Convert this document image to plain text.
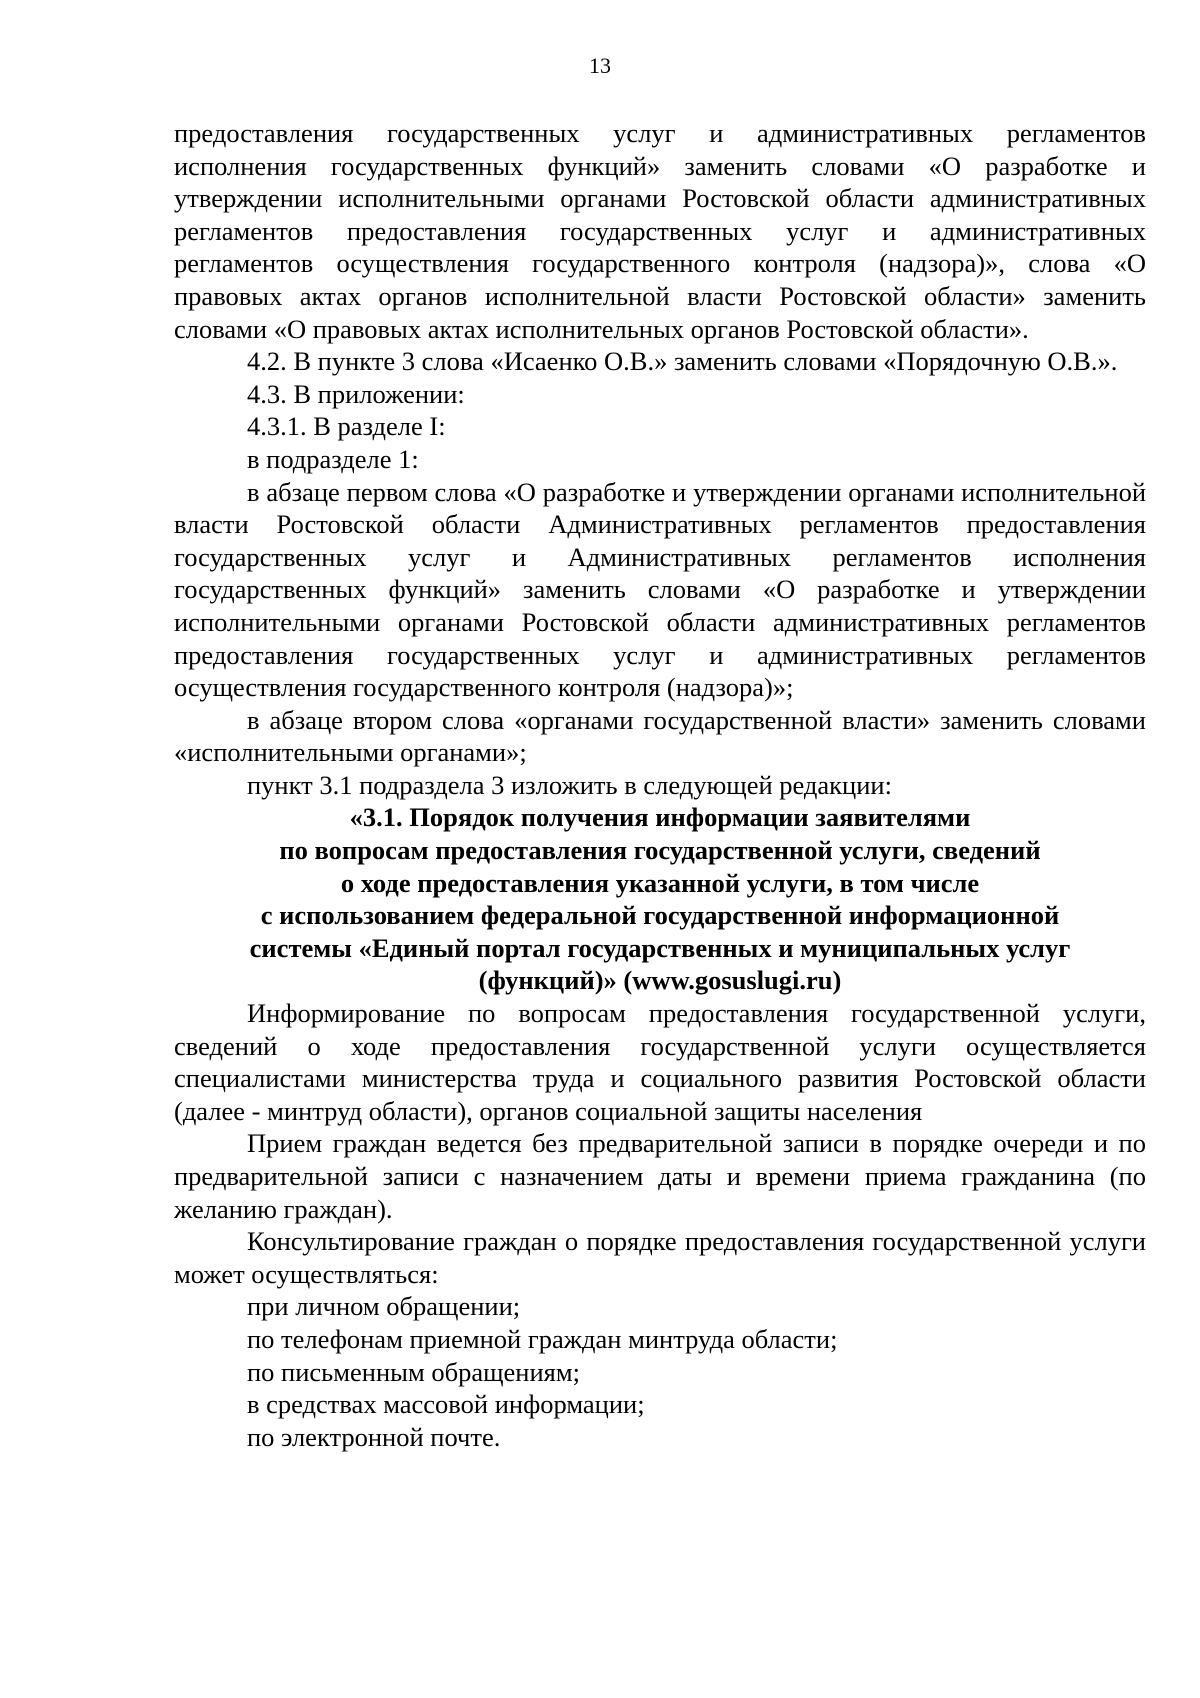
13

предоставления государственных услуг и административных регламентов исполнения государственных функций» заменить словами «О разработке и утверждении исполнительными органами Ростовской области административных регламентов предоставления государственных услуг и административных регламентов осуществления государственного контроля (надзора)», слова «О правовых актах органов исполнительной власти Ростовской области» заменить словами «О правовых актах исполнительных органов Ростовской области».

4.2. В пункте 3 слова «Исаенко О.В.» заменить словами «Порядочную О.В.».

4.3. В приложении:

4.3.1. В разделе I:

в подразделе 1:

в абзаце первом слова «О разработке и утверждении органами исполнительной власти Ростовской области Административных регламентов предоставления государственных услуг и Административных регламентов исполнения государственных функций» заменить словами «О разработке и утверждении исполнительными органами Ростовской области административных регламентов предоставления государственных услуг и административных регламентов осуществления государственного контроля (надзора)»;

в абзаце втором слова «органами государственной власти» заменить словами «исполнительными органами»;

пункт 3.1 подраздела 3 изложить в следующей редакции:

«3.1. Порядок получения информации заявителями
по вопросам предоставления государственной услуги, сведений
о ходе предоставления указанной услуги, в том числе
с использованием федеральной государственной информационной
системы «Единый портал государственных и муниципальных услуг
(функций)» (www.gosuslugi.ru)

Информирование по вопросам предоставления государственной услуги, сведений о ходе предоставления государственной услуги осуществляется специалистами министерства труда и социального развития Ростовской области (далее - минтруд области), органов социальной защиты населения

Прием граждан ведется без предварительной записи в порядке очереди и по предварительной записи с назначением даты и времени приема гражданина (по желанию граждан).

Консультирование граждан о порядке предоставления государственной услуги может осуществляться:

при личном обращении;

по телефонам приемной граждан минтруда области;

по письменным обращениям;

в средствах массовой информации;

по электронной почте.
